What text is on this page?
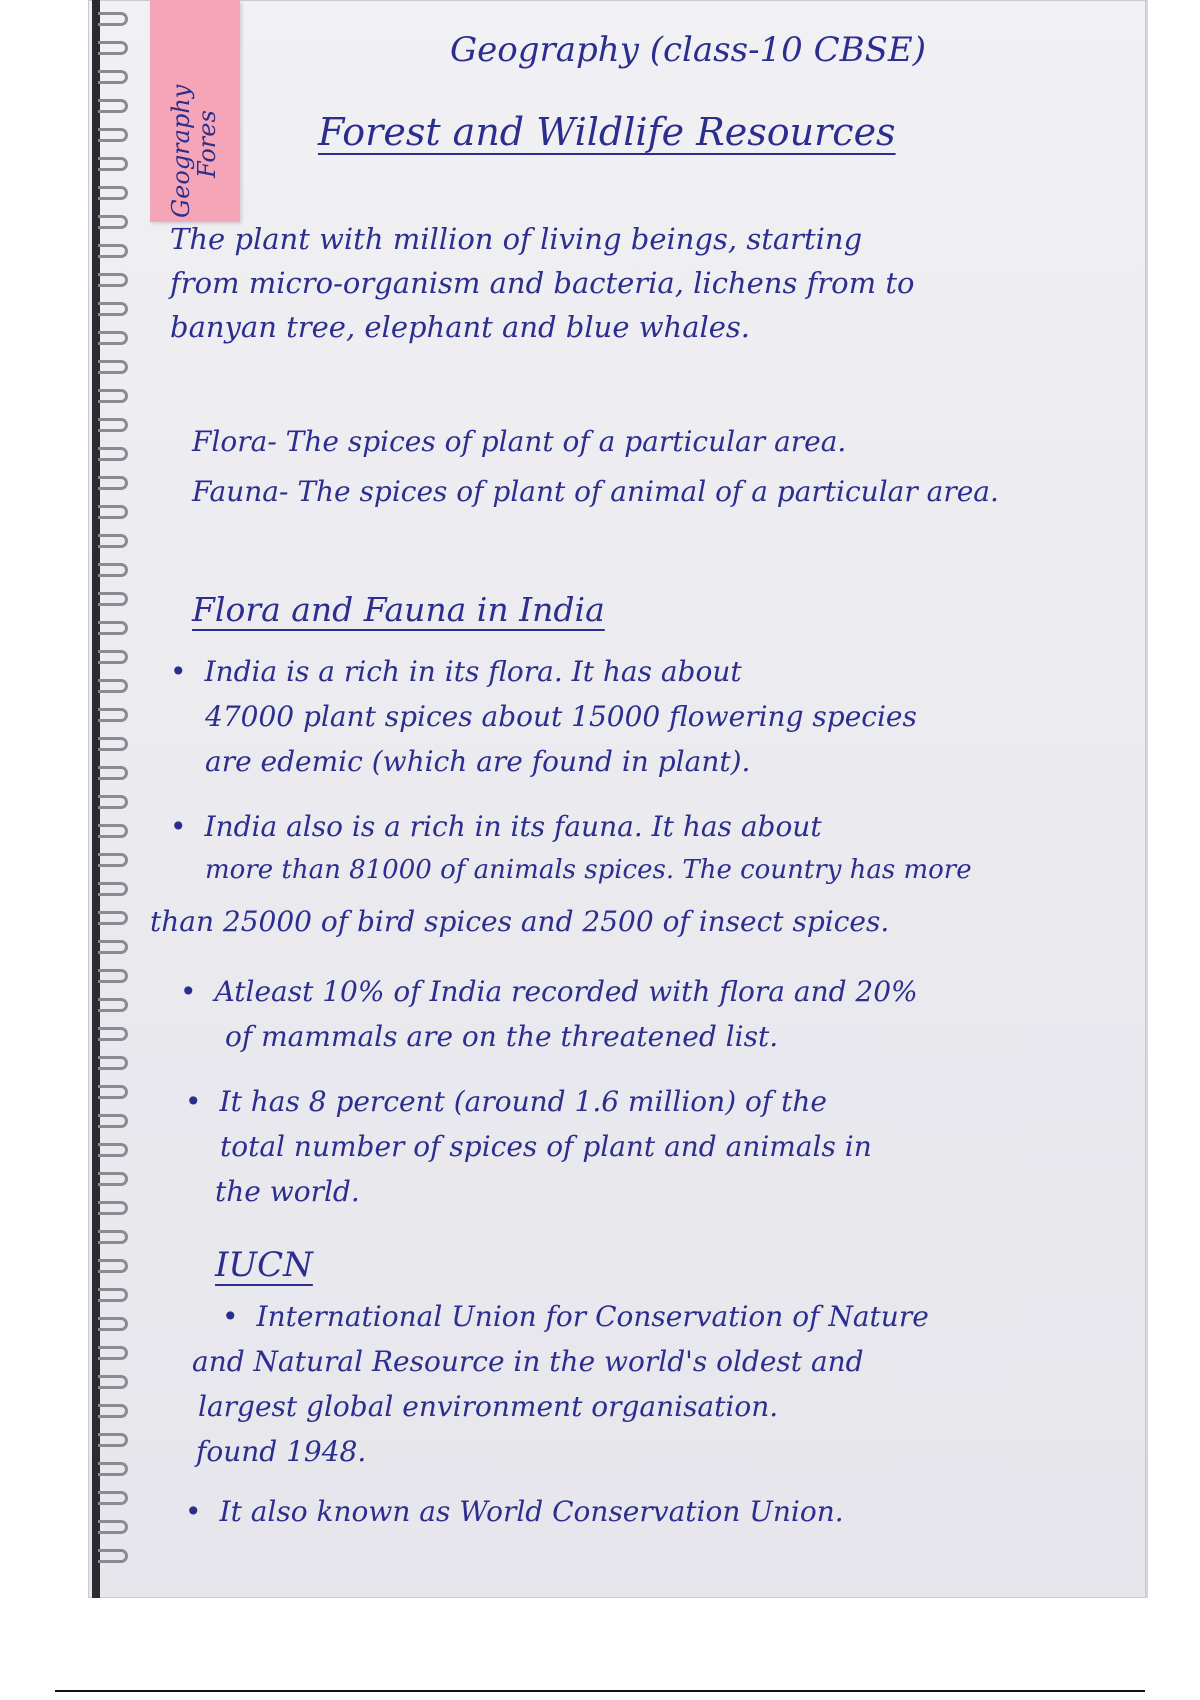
Geography
Fores
Geography (class-10 CBSE)
Forest and Wildlife Resources
The plant with million of living beings, starting
from micro-organism and bacteria, lichens from to
banyan tree, elephant and blue whales.
Flora- The spices of plant of a particular area.
Fauna- The spices of plant of animal of a particular area.
Flora and Fauna in India
• India is a rich in its flora. It has about
47000 plant spices about 15000 flowering species
are edemic (which are found in plant).
• India also is a rich in its fauna. It has about
more than 81000 of animals spices. The country has more
than 25000 of bird spices and 2500 of insect spices.
• Atleast 10% of India recorded with flora and 20%
of mammals are on the threatened list.
• It has 8 percent (around 1.6 million) of the
total number of spices of plant and animals in
the world.
IUCN
• International Union for Conservation of Nature
and Natural Resource in the world's oldest and
largest global environment organisation.
found 1948.
• It also known as World Conservation Union.
